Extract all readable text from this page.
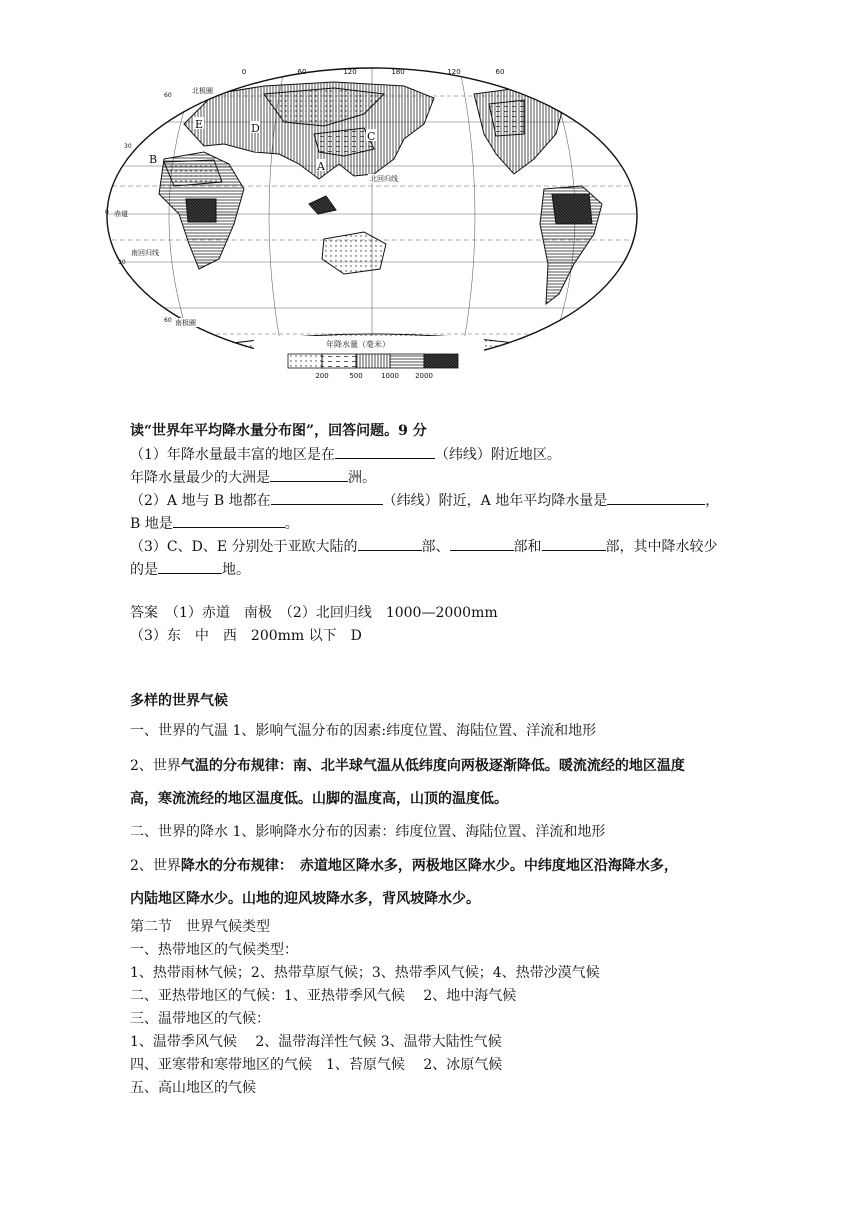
0	60	120	180	120	60
60
30
0
30
60
北极圈
北回归线
赤道
南回归线
南极圈
A
B
C
D
E
年降水量（毫米）
200	500	1000 2000
读“世界年平均降水量分布图”，回答问题。9 分
（1）年降水量最丰富的地区是在	（纬线）附近地区。
年降水量最少的大洲是	洲。
（2）A 地与 B 地都在	（纬线）附近，A 地年平均降水量是	，
B 地是	。
（3）C、D、E 分别处于亚欧大陆的	部、	部和	部，其中降水较少
的是	地。
答案　（1）赤道　南极　（2）北回归线　1000—2000mm
（3）东　中　西　200mm 以下　D
多样的世界气候
一、世界的气温 1、影响气温分布的因素:纬度位置、海陆位置、洋流和地形
2、世界气温的分布规律：南、北半球气温从低纬度向两极逐渐降低。暖流流经的地区温度
高，寒流流经的地区温度低。山脚的温度高，山顶的温度低。
二、世界的降水 1、影响降水分布的因素：纬度位置、海陆位置、洋流和地形
2、世界降水的分布规律：　赤道地区降水多，两极地区降水少。中纬度地区沿海降水多，
内陆地区降水少。山地的迎风坡降水多，背风坡降水少。
第二节　世界气候类型
一、热带地区的气候类型：
1、热带雨林气候；2、热带草原气候；3、热带季风气候；4、热带沙漠气候
二、亚热带地区的气候：1、亚热带季风气候　 2、地中海气候
三、温带地区的气候：
1、温带季风气候　 2、温带海洋性气候 3、温带大陆性气候
四、亚寒带和寒带地区的气候　1、苔原气候　 2、冰原气候
五、高山地区的气候
